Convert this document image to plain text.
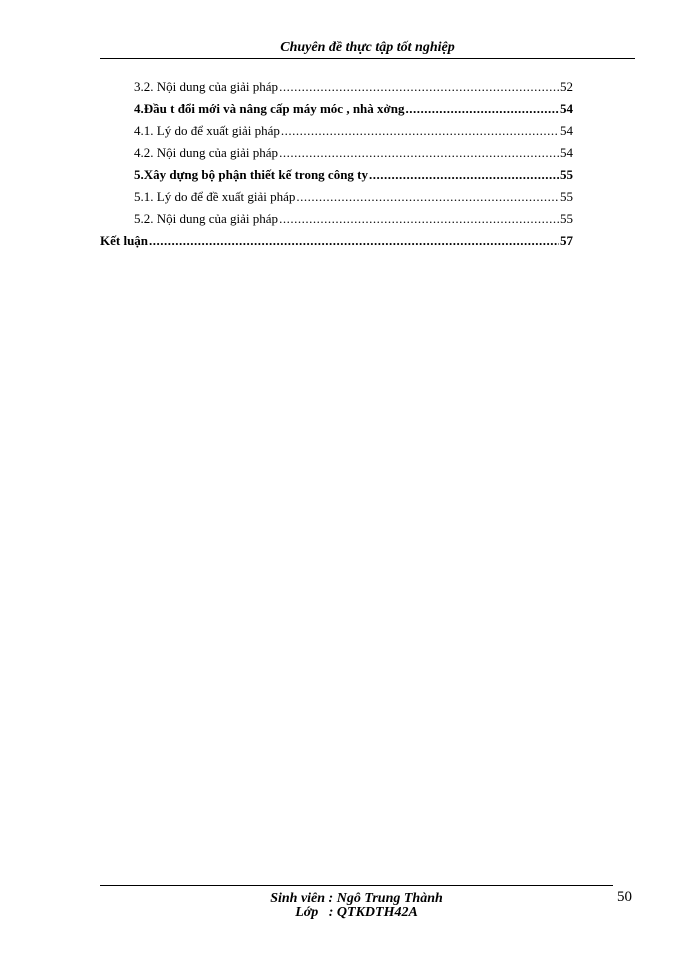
Chuyên đề thực tập tốt nghiệp
3.2. Nội dung của giải pháp .....	52
4.Đầu t đổi mới và nâng cấp máy móc , nhà xởng .....	54
4.1. Lý do để xuất giải pháp .....	54
4.2. Nội dung của giải pháp .....	54
5.Xây dựng bộ phận thiết kế trong công ty .....	55
5.1. Lý do để đề xuất giải pháp .....	55
5.2. Nội dung của giải pháp .....	55
Kết luận .....	57
Sinh viên : Ngô Trung Thành
Lớp   : QTKDTH42A
50
